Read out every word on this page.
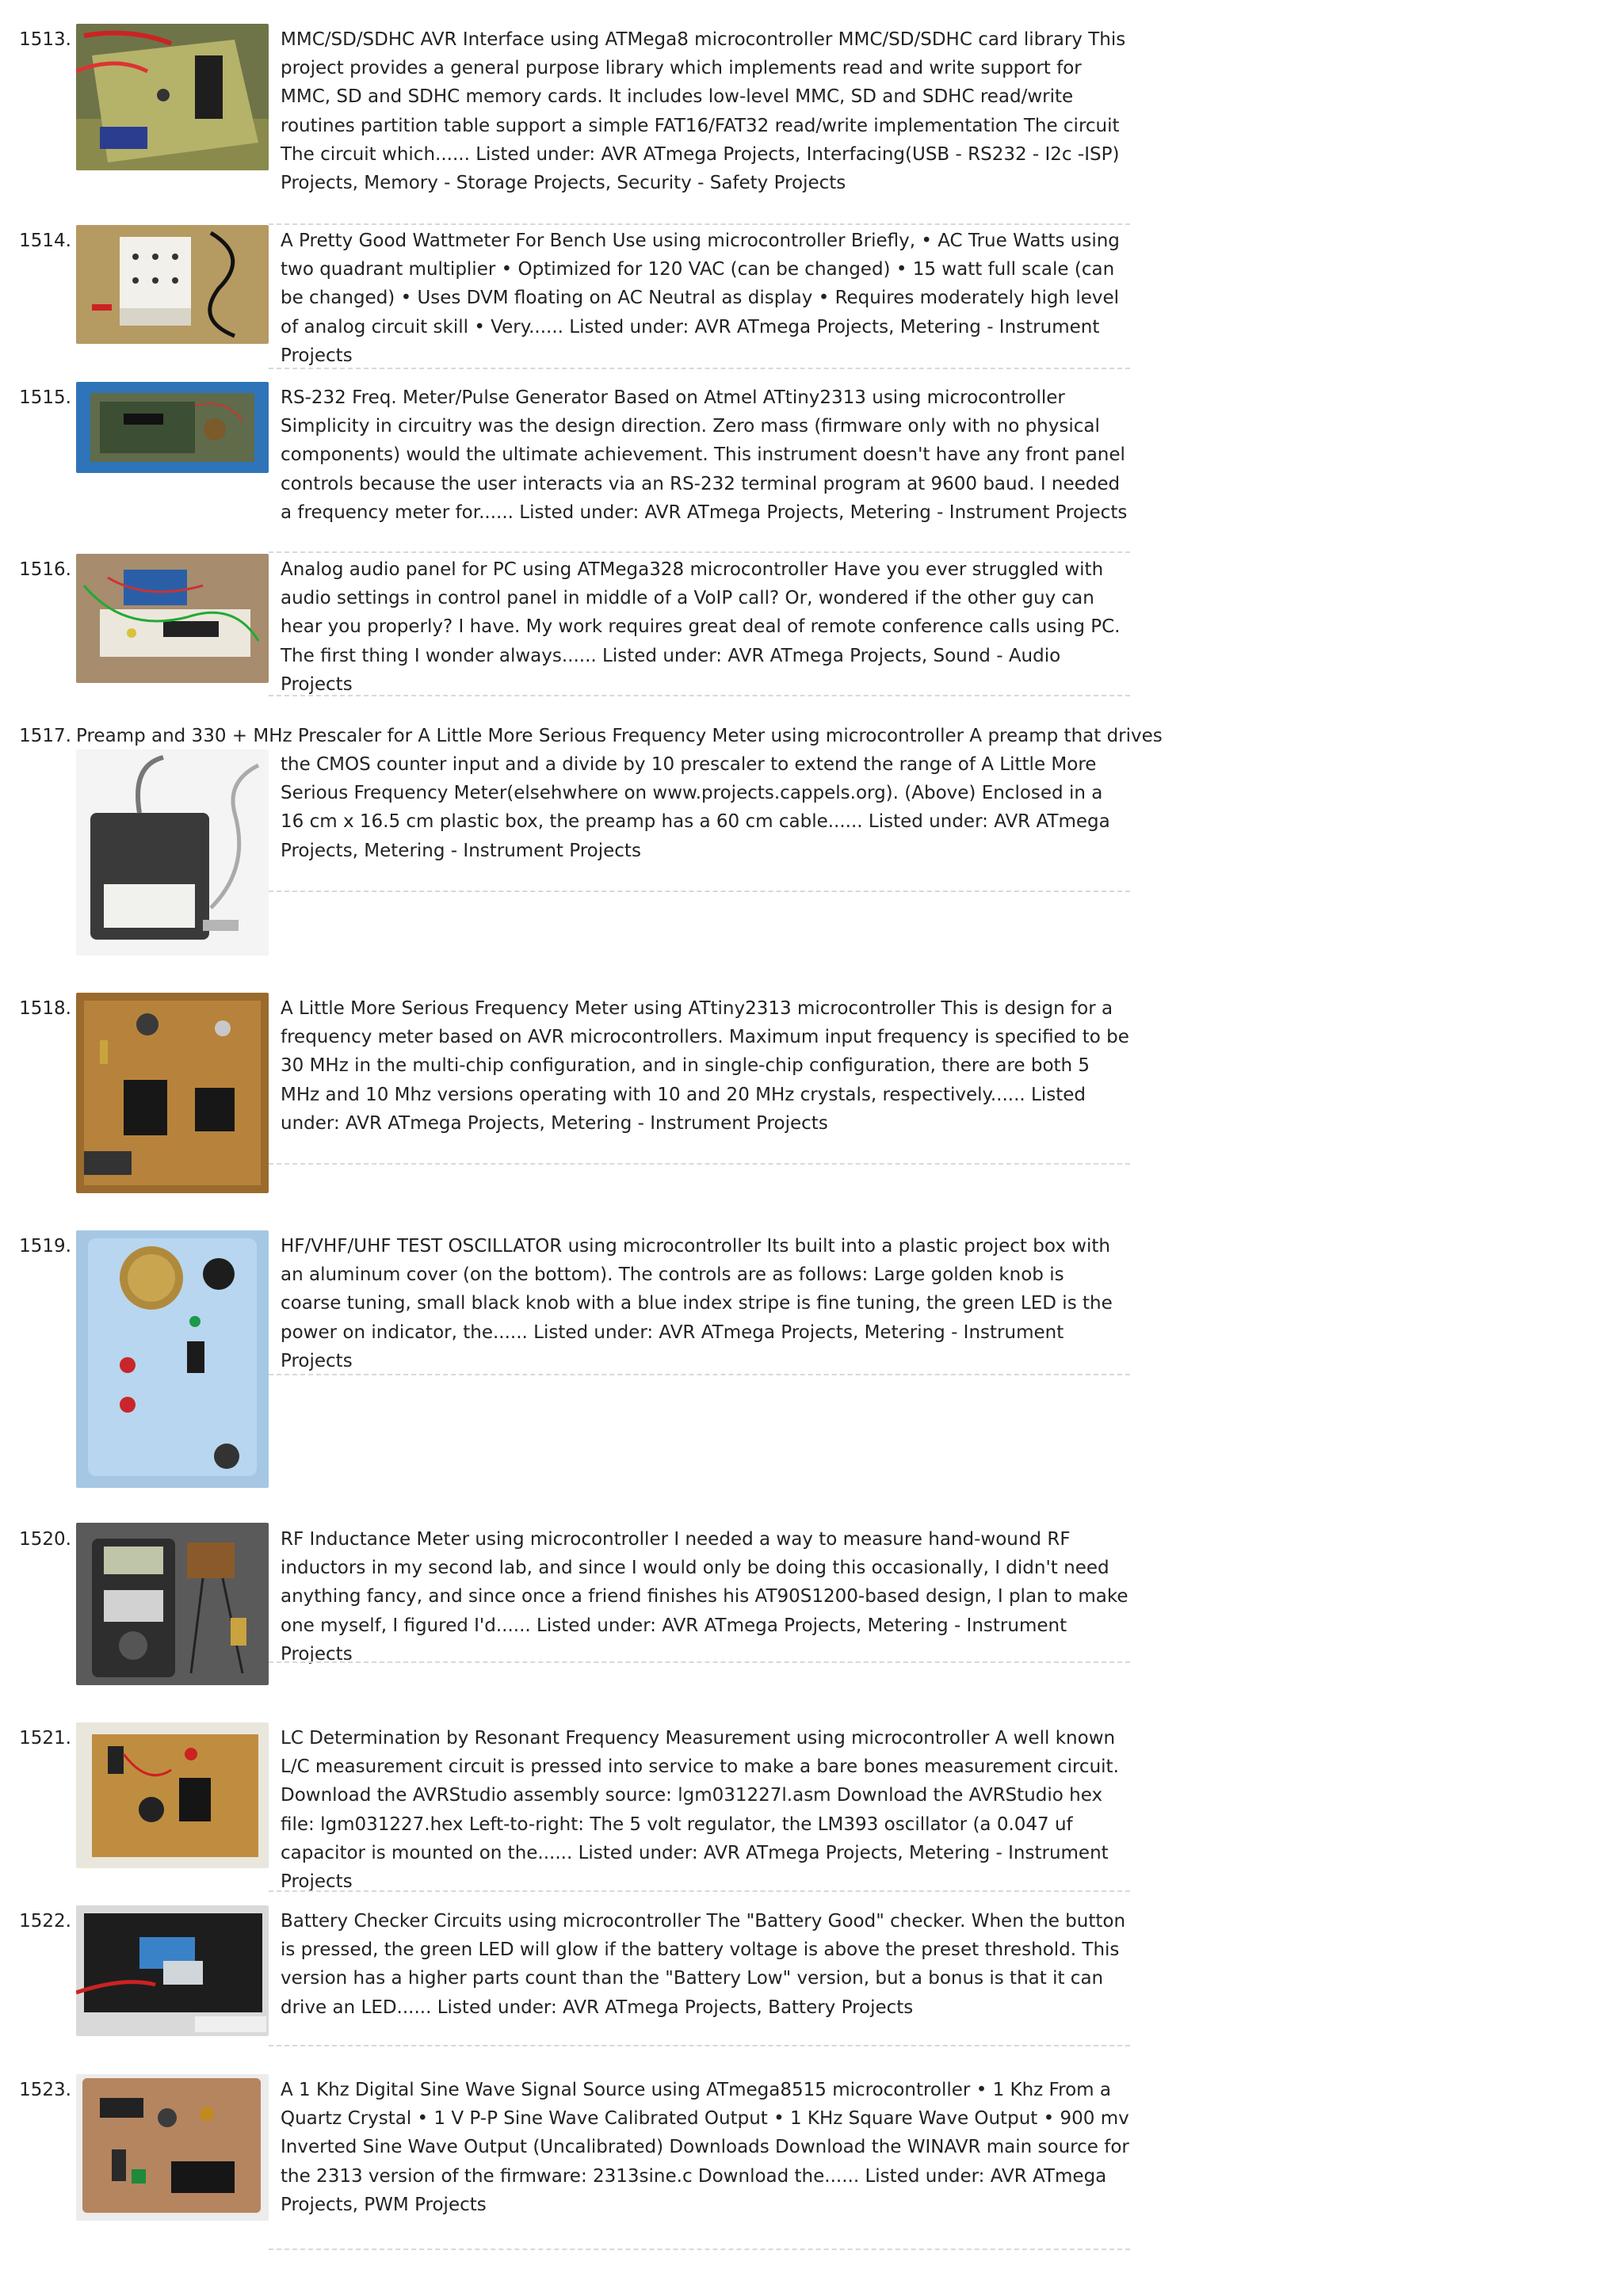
1513.	MMC/SD/SDHC AVR Interface using ATMega8 microcontroller MMC/SD/SDHC card library This project provides a general purpose library which implements read and write support for MMC, SD and SDHC memory cards. It includes low-level MMC, SD and SDHC read/write routines partition table support a simple FAT16/FAT32 read/write implementation The circuit The circuit which...... Listed under: AVR ATmega Projects, Interfacing(USB - RS232 - I2c -ISP) Projects, Memory - Storage Projects, Security - Safety Projects
1514.	A Pretty Good Wattmeter For Bench Use using microcontroller Briefly, • AC True Watts using two quadrant multiplier • Optimized for 120 VAC (can be changed) • 15 watt full scale (can be changed) • Uses DVM floating on AC Neutral as display • Requires moderately high level of analog circuit skill • Very...... Listed under: AVR ATmega Projects, Metering - Instrument Projects
1515.	RS-232 Freq. Meter/Pulse Generator Based on Atmel ATtiny2313 using microcontroller Simplicity in circuitry was the design direction. Zero mass (firmware only with no physical components) would the ultimate achievement. This instrument doesn't have any front panel controls because the user interacts via an RS-232 terminal program at 9600 baud. I needed a frequency meter for...... Listed under: AVR ATmega Projects, Metering - Instrument Projects
1516.	Analog audio panel for PC using ATMega328 microcontroller Have you ever struggled with audio settings in control panel in middle of a VoIP call? Or, wondered if the other guy can hear you properly? I have. My work requires great deal of remote conference calls using PC. The first thing I wonder always...... Listed under: AVR ATmega Projects, Sound - Audio Projects
1517. Preamp and 330 + MHz Prescaler for A Little More Serious Frequency Meter using microcontroller A preamp that drives
the CMOS counter input and a divide by 10 prescaler to extend the range of A Little More Serious Frequency Meter(elsehwhere on www.projects.cappels.org). (Above) Enclosed in a 16 cm x 16.5 cm plastic box, the preamp has a 60 cm cable...... Listed under: AVR ATmega Projects, Metering - Instrument Projects
1518.	A Little More Serious Frequency Meter using ATtiny2313 microcontroller This is design for a frequency meter based on AVR microcontrollers. Maximum input frequency is specified to be 30 MHz in the multi-chip configuration, and in single-chip configuration, there are both 5 MHz and 10 Mhz versions operating with 10 and 20 MHz crystals, respectively...... Listed under: AVR ATmega Projects, Metering - Instrument Projects
1519.	HF/VHF/UHF TEST OSCILLATOR using microcontroller Its built into a plastic project box with an aluminum cover (on the bottom). The controls are as follows: Large golden knob is coarse tuning, small black knob with a blue index stripe is fine tuning, the green LED is the power on indicator, the...... Listed under: AVR ATmega Projects, Metering - Instrument Projects
1520.	RF Inductance Meter using microcontroller I needed a way to measure hand-wound RF inductors in my second lab, and since I would only be doing this occasionally, I didn't need anything fancy, and since once a friend finishes his AT90S1200-based design, I plan to make one myself, I figured I'd...... Listed under: AVR ATmega Projects, Metering - Instrument Projects
1521.	LC Determination by Resonant Frequency Measurement using microcontroller A well known L/C measurement circuit is pressed into service to make a bare bones measurement circuit. Download the AVRStudio assembly source: lgm031227l.asm Download the AVRStudio hex file: lgm031227.hex Left-to-right: The 5 volt regulator, the LM393 oscillator (a 0.047 uf capacitor is mounted on the...... Listed under: AVR ATmega Projects, Metering - Instrument Projects
1522.	Battery Checker Circuits using microcontroller The "Battery Good" checker. When the button is pressed, the green LED will glow if the battery voltage is above the preset threshold. This version has a higher parts count than the "Battery Low" version, but a bonus is that it can drive an LED...... Listed under: AVR ATmega Projects, Battery Projects
1523.	A 1 Khz Digital Sine Wave Signal Source using ATmega8515 microcontroller • 1 Khz From a Quartz Crystal • 1 V P-P Sine Wave Calibrated Output • 1 KHz Square Wave Output • 900 mv Inverted Sine Wave Output (Uncalibrated) Downloads Download the WINAVR main source for the 2313 version of the firmware: 2313sine.c Download the...... Listed under: AVR ATmega Projects, PWM Projects
